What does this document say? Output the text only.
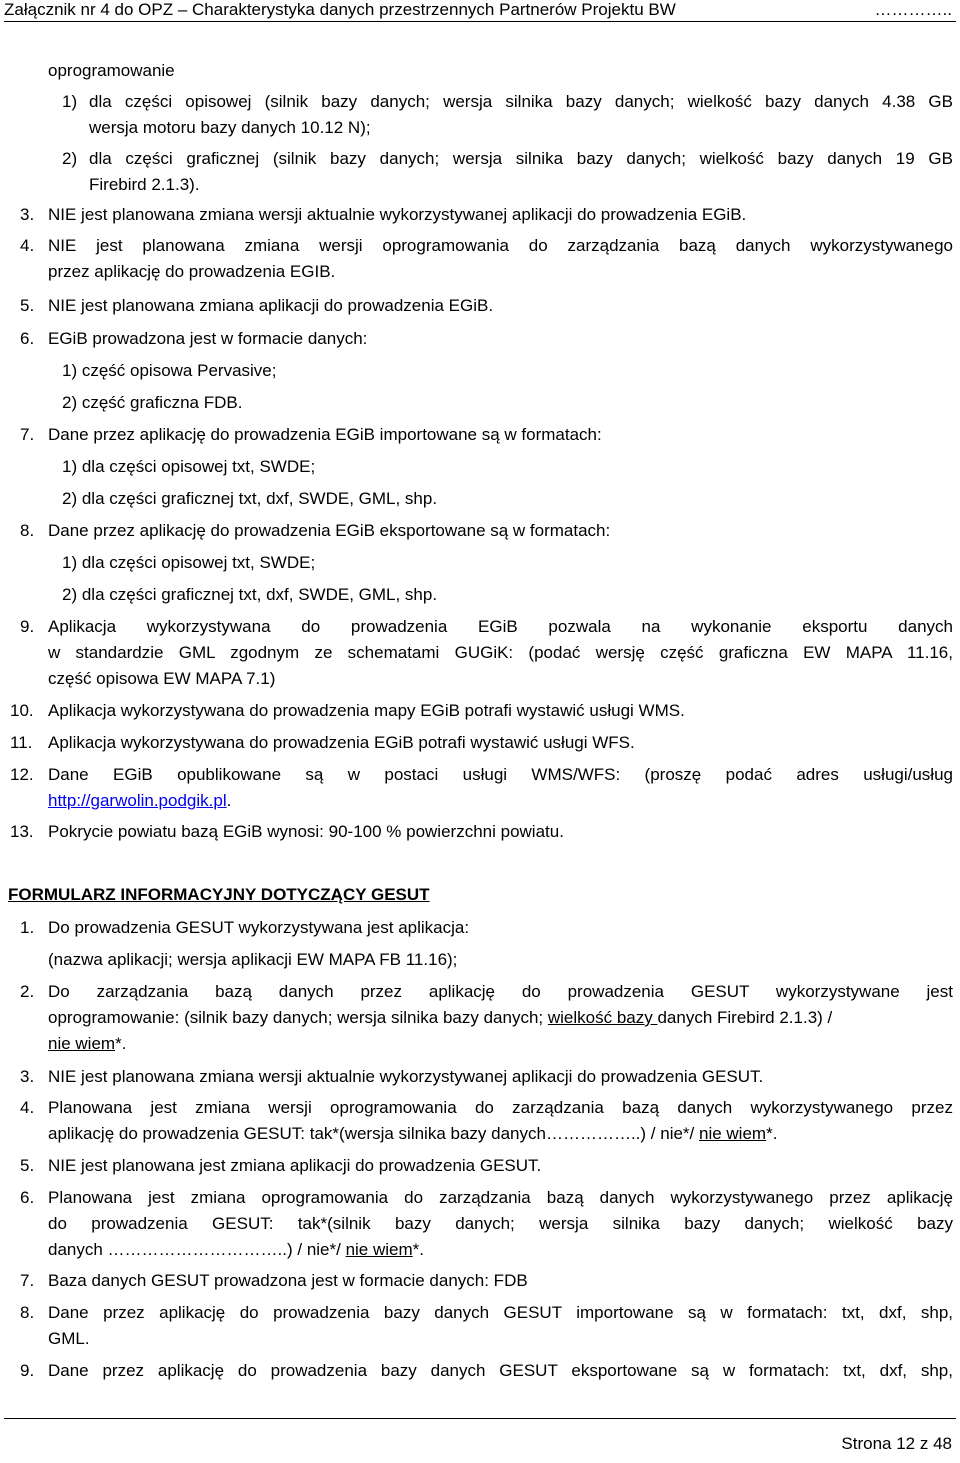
Załącznik nr 4 do OPZ – Charakterystyka danych przestrzennych Partnerów Projektu BW	…………..
oprogramowanie
1) dla części opisowej (silnik bazy danych; wersja silnika bazy danych; wielkość bazy danych 4.38 GB
wersja motoru bazy danych 10.12 N);
2) dla części graficznej (silnik bazy danych; wersja silnika bazy danych; wielkość bazy danych 19 GB
Firebird 2.1.3).
3. NIE jest planowana zmiana wersji aktualnie wykorzystywanej aplikacji do prowadzenia EGiB.
4. NIE jest planowana zmiana wersji oprogramowania do zarządzania bazą danych wykorzystywanego
przez aplikację do prowadzenia EGIB.
5. NIE jest planowana zmiana aplikacji do prowadzenia EGiB.
6. EGiB prowadzona jest w formacie danych:
1) część opisowa Pervasive;
2) część graficzna FDB.
7. Dane przez aplikację do prowadzenia EGiB importowane są w formatach:
1) dla części opisowej txt, SWDE;
2) dla części graficznej txt, dxf, SWDE, GML, shp.
8. Dane przez aplikację do prowadzenia EGiB eksportowane są w formatach:
1) dla części opisowej txt, SWDE;
2) dla części graficznej txt, dxf, SWDE, GML, shp.
9. Aplikacja wykorzystywana do prowadzenia EGiB pozwala na wykonanie eksportu danych
w standardzie GML zgodnym ze schematami GUGiK: (podać wersję część graficzna EW MAPA 11.16,
część opisowa EW MAPA 7.1)
10. Aplikacja wykorzystywana do prowadzenia mapy EGiB potrafi wystawić usługi WMS.
11. Aplikacja wykorzystywana do prowadzenia EGiB potrafi wystawić usługi WFS.
12. Dane EGiB opublikowane są w postaci usługi WMS/WFS: (proszę podać adres usługi/usług
http://garwolin.podgik.pl.
13. Pokrycie powiatu bazą EGiB wynosi: 90-100 % powierzchni powiatu.
FORMULARZ INFORMACYJNY DOTYCZĄCY GESUT
1. Do prowadzenia GESUT wykorzystywana jest aplikacja:
(nazwa aplikacji; wersja aplikacji EW MAPA FB 11.16);
2. Do zarządzania bazą danych przez aplikację do prowadzenia GESUT wykorzystywane jest
oprogramowanie: (silnik bazy danych; wersja silnika bazy danych; wielkość bazy danych Firebird 2.1.3) /
nie wiem*.
3. NIE jest planowana zmiana wersji aktualnie wykorzystywanej aplikacji do prowadzenia GESUT.
4. Planowana jest zmiana wersji oprogramowania do zarządzania bazą danych wykorzystywanego przez
aplikację do prowadzenia GESUT: tak*(wersja silnika bazy danych……………..) / nie*/ nie wiem*.
5. NIE jest planowana jest zmiana aplikacji do prowadzenia GESUT.
6. Planowana jest zmiana oprogramowania do zarządzania bazą danych wykorzystywanego przez aplikację
do prowadzenia GESUT: tak*(silnik bazy danych; wersja silnika bazy danych; wielkość bazy
danych …………………………..) / nie*/ nie wiem*.
7. Baza danych GESUT prowadzona jest w formacie danych: FDB
8. Dane przez aplikację do prowadzenia bazy danych GESUT importowane są w formatach: txt, dxf, shp,
GML.
9. Dane przez aplikację do prowadzenia bazy danych GESUT eksportowane są w formatach: txt, dxf, shp,
Strona 12 z 48
